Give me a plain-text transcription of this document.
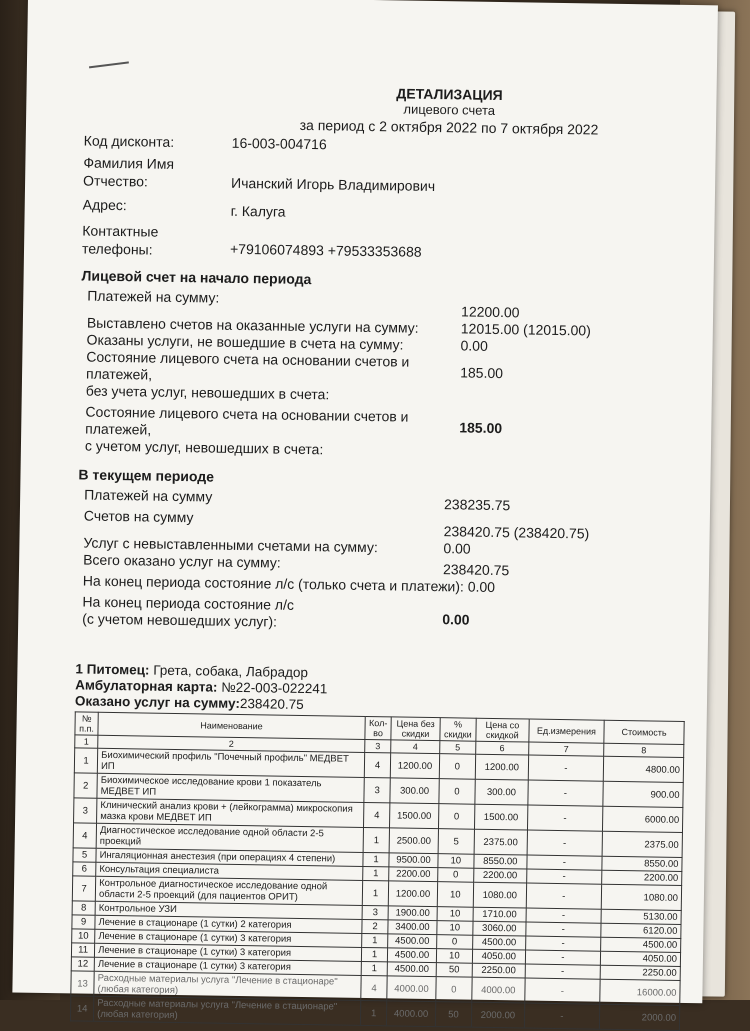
ДЕТАЛИЗАЦИЯ
лицевого счета
за период с 2 октября 2022 по 7 октября 2022
Код дисконта:	16-003-004716
Фамилия Имя
Отчество:	Ичанский Игорь Владимирович
Адрес:	г. Калуга
Контактные
телефоны:	+79106074893 +79533353688
Лицевой счет на начало периода
Платежей на сумму:
12200.00
Выставлено счетов на оказанные услуги на сумму:	12015.00 (12015.00)
Оказаны услуги, не вошедшие в счета на сумму:	0.00
Состояние лицевого счета на основании счетов и платежей,
без учета услуг, невошедших в счета:
185.00
Состояние лицевого счета на основании счетов и платежей,
с учетом услуг, невошедших в счета:
185.00
В текущем периоде
Платежей на сумму
238235.75
Счетов на сумму
238420.75 (238420.75)
Услуг с невыставленными счетами на сумму:	0.00
Всего оказано услуг на сумму:	238420.75
На конец периода состояние л/с (только счета и платежи): 0.00
На конец периода состояние л/с
(с учетом невошедших услуг):	0.00
1 Питомец: Грета, собака, Лабрадор
Амбулаторная карта: №22-003-022241
Оказано услуг на сумму:238420.75
№ п.п.	Наименование	Кол-во	Цена без скидки	% скидки	Цена со скидкой	Ед.измерения	Стоимость
1	2	3	4	5	6	7	8
1	Биохимический профиль "Почечный профиль" МЕДВЕТ ИП	4	1200.00	0	1200.00	-	4800.00
2	Биохимическое исследование крови 1 показатель МЕДВЕТ ИП	3	300.00	0	300.00	-	900.00
3	Клинический анализ крови + (лейкограмма) микроскопия мазка крови МЕДВЕТ ИП	4	1500.00	0	1500.00	-	6000.00
4	Диагностическое исследование одной области 2-5 проекций	1	2500.00	5	2375.00	-	2375.00
5	Ингаляционная анестезия (при операциях 4 степени)	1	9500.00	10	8550.00	-	8550.00
6	Консультация специалиста	1	2200.00	0	2200.00	-	2200.00
7	Контрольное диагностическое исследование одной области 2-5 проекций (для пациентов ОРИТ)	1	1200.00	10	1080.00	-	1080.00
8	Контрольное УЗИ	3	1900.00	10	1710.00	-	5130.00
9	Лечение в стационаре (1 сутки) 2 категория	2	3400.00	10	3060.00	-	6120.00
10	Лечение в стационаре (1 сутки) 3 категория	1	4500.00	0	4500.00	-	4500.00
11	Лечение в стационаре (1 сутки) 3 категория	1	4500.00	10	4050.00	-	4050.00
12	Лечение в стационаре (1 сутки) 3 категория	1	4500.00	50	2250.00	-	2250.00
13	Расходные материалы услуга "Лечение в стационаре" (любая категория)	4	4000.00	0	4000.00	-	16000.00
14	Расходные материалы услуга "Лечение в стационаре" (любая категория)	1	4000.00	50	2000.00	-	2000.00
